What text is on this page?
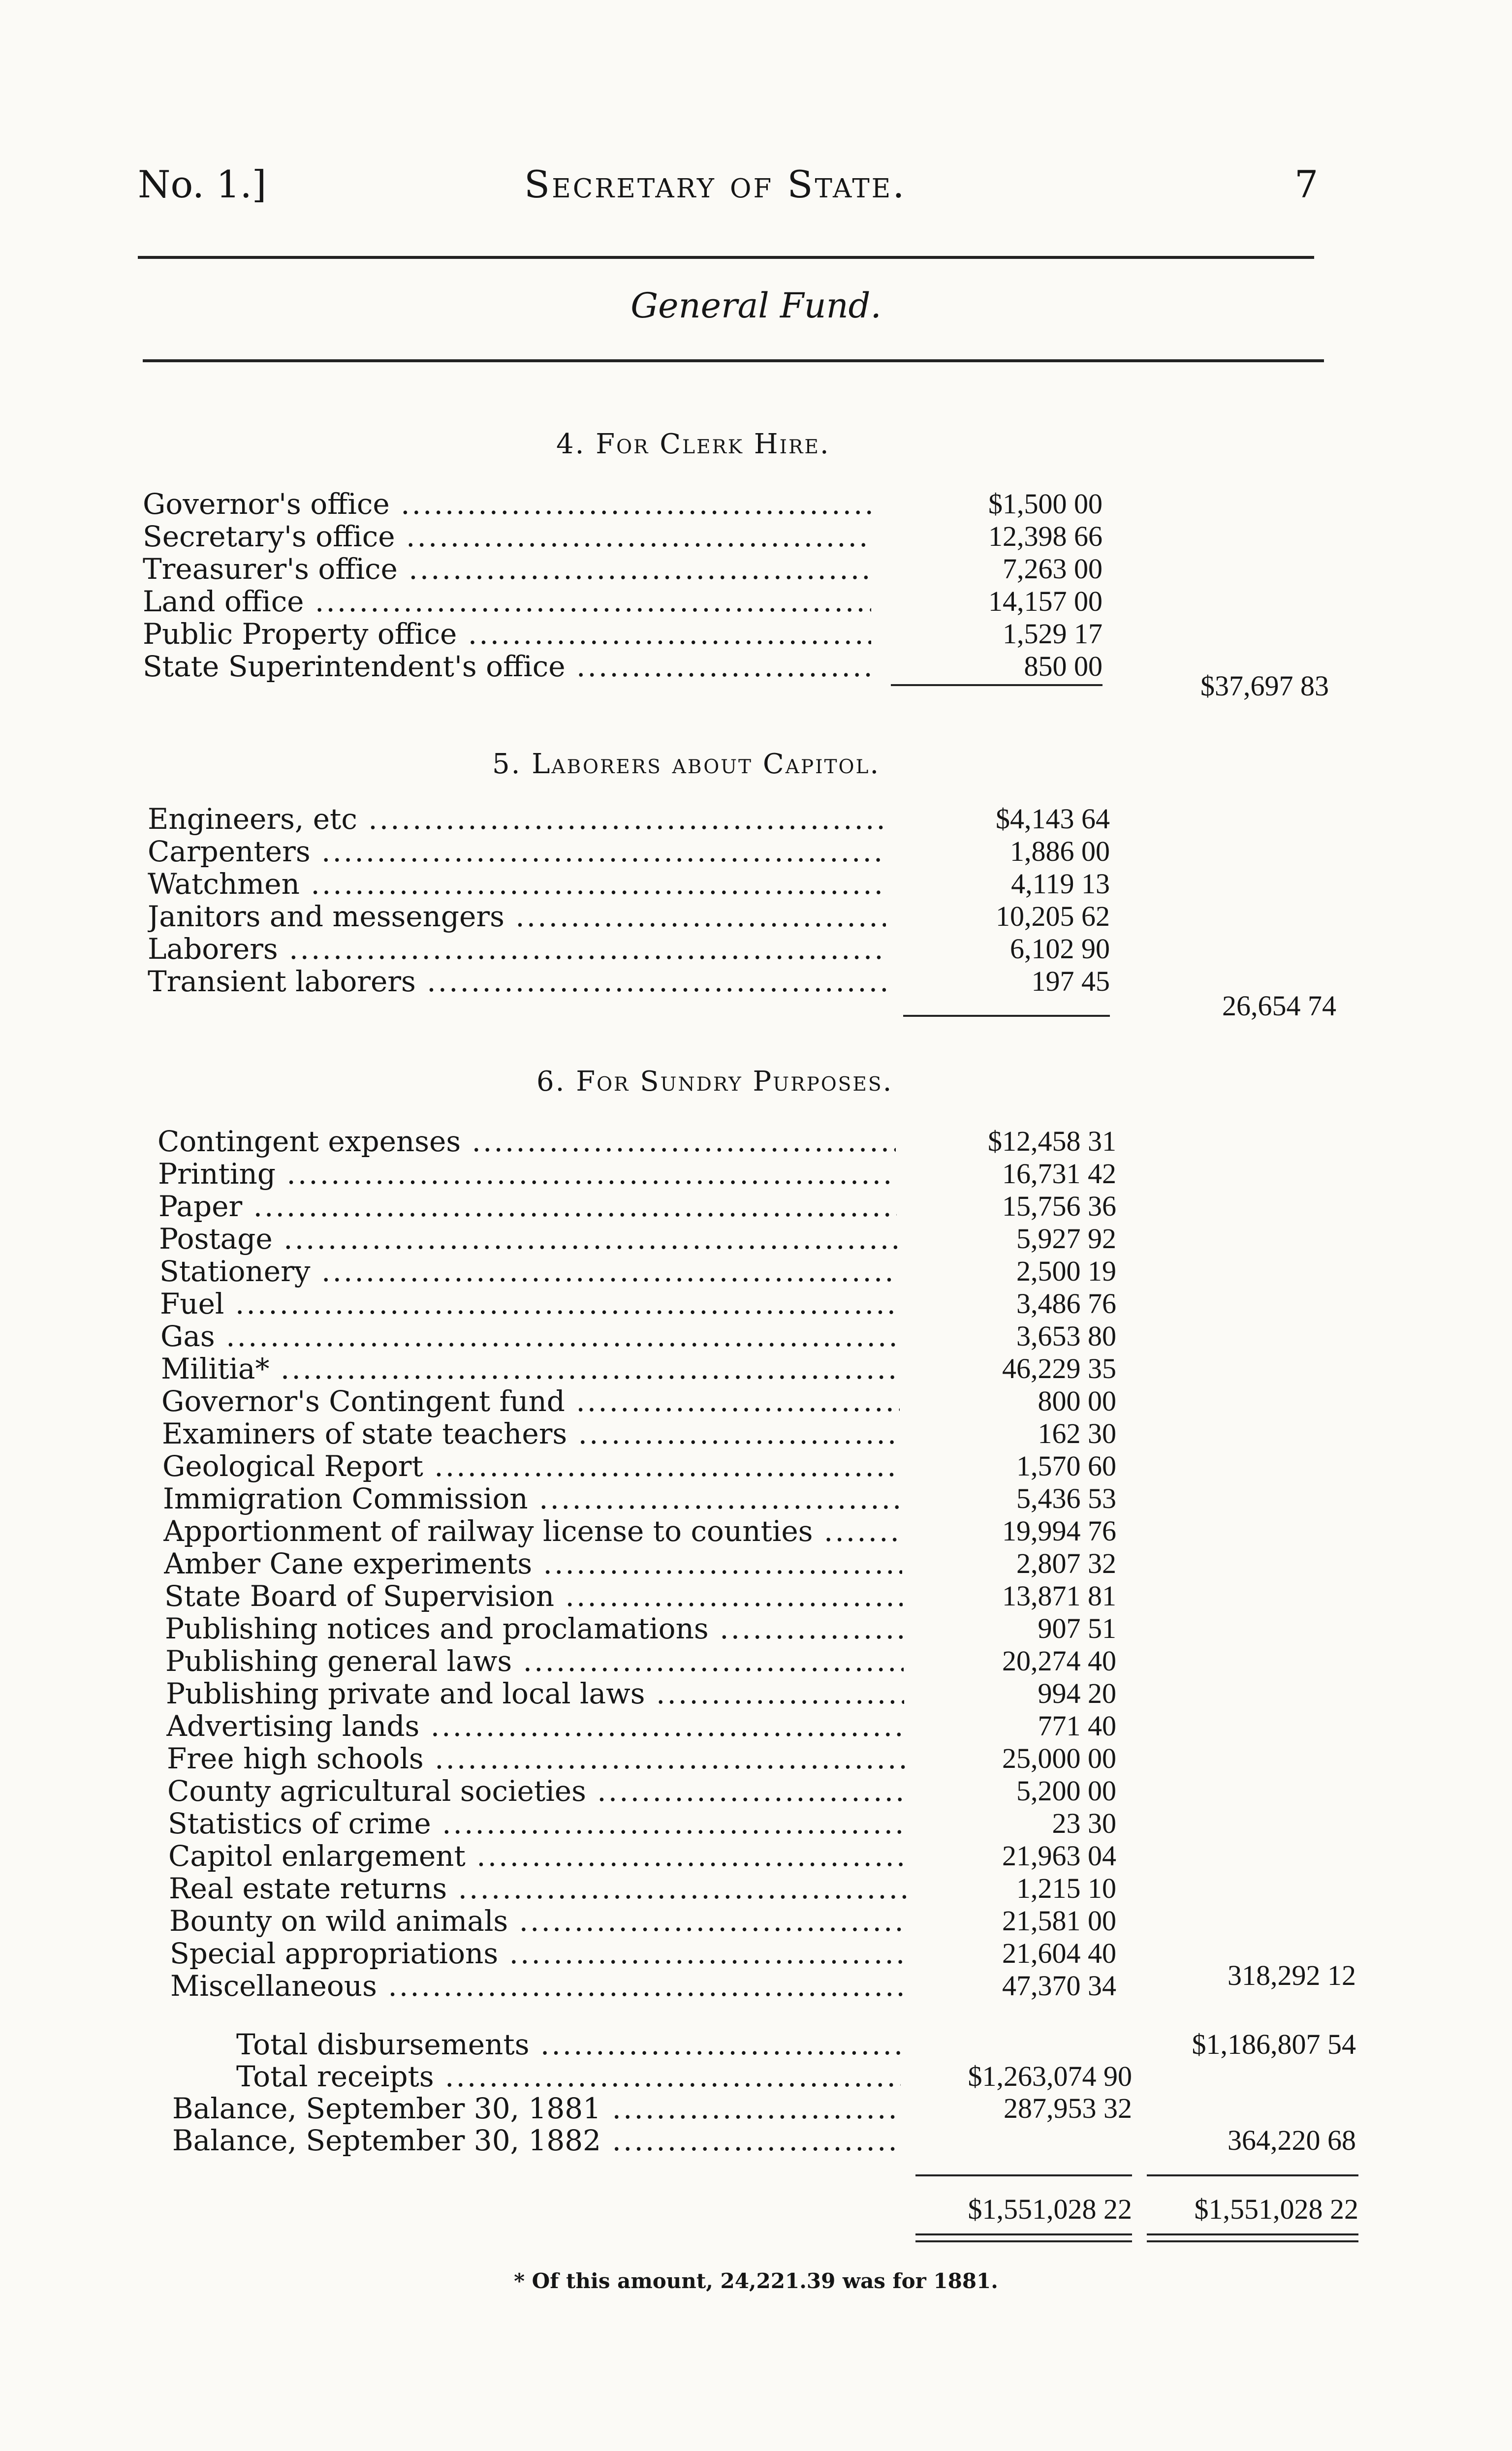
No. 1.]	Secretary of State.	7
General Fund.
4. For Clerk Hire.
Governor's office .....	$1,500 00
Secretary's office .....	12,398 66
Treasurer's office .....	7,263 00
Land office .....	14,157 00
Public Property office .....	1,529 17
State Superintendent's office .....	850 00
$37,697 83
5. Laborers about Capitol.
Engineers, etc .....	$4,143 64
Carpenters .....	1,886 00
Watchmen .....	4,119 13
Janitors and messengers .....	10,205 62
Laborers .....	6,102 90
Transient laborers .....	197 45
26,654 74
6. For Sundry Purposes.
Contingent expenses .....	$12,458 31
Printing .....	16,731 42
Paper .....	15,756 36
Postage .....	5,927 92
Stationery .....	2,500 19
Fuel .....	3,486 76
Gas .....	3,653 80
Militia* .....	46,229 35
Governor's Contingent fund .....	800 00
Examiners of state teachers .....	162 30
Geological Report .....	1,570 60
Immigration Commission .....	5,436 53
Apportionment of railway license to counties .....	19,994 76
Amber Cane experiments .....	2,807 32
State Board of Supervision .....	13,871 81
Publishing notices and proclamations .....	907 51
Publishing general laws .....	20,274 40
Publishing private and local laws .....	994 20
Advertising lands .....	771 40
Free high schools .....	25,000 00
County agricultural societies .....	5,200 00
Statistics of crime .....	23 30
Capitol enlargement .....	21,963 04
Real estate returns .....	1,215 10
Bounty on wild animals .....	21,581 00
Special appropriations .....	21,604 40
Miscellaneous .....	47,370 34	318,292 12
Total disbursements .....	$1,186,807 54
Total receipts .....	$1,263,074 90
Balance, September 30, 1881 .....	287,953 32
Balance, September 30, 1882 .....	364,220 68
$1,551,028 22 $1,551,028 22
* Of this amount, 24,221.39 was for 1881.
